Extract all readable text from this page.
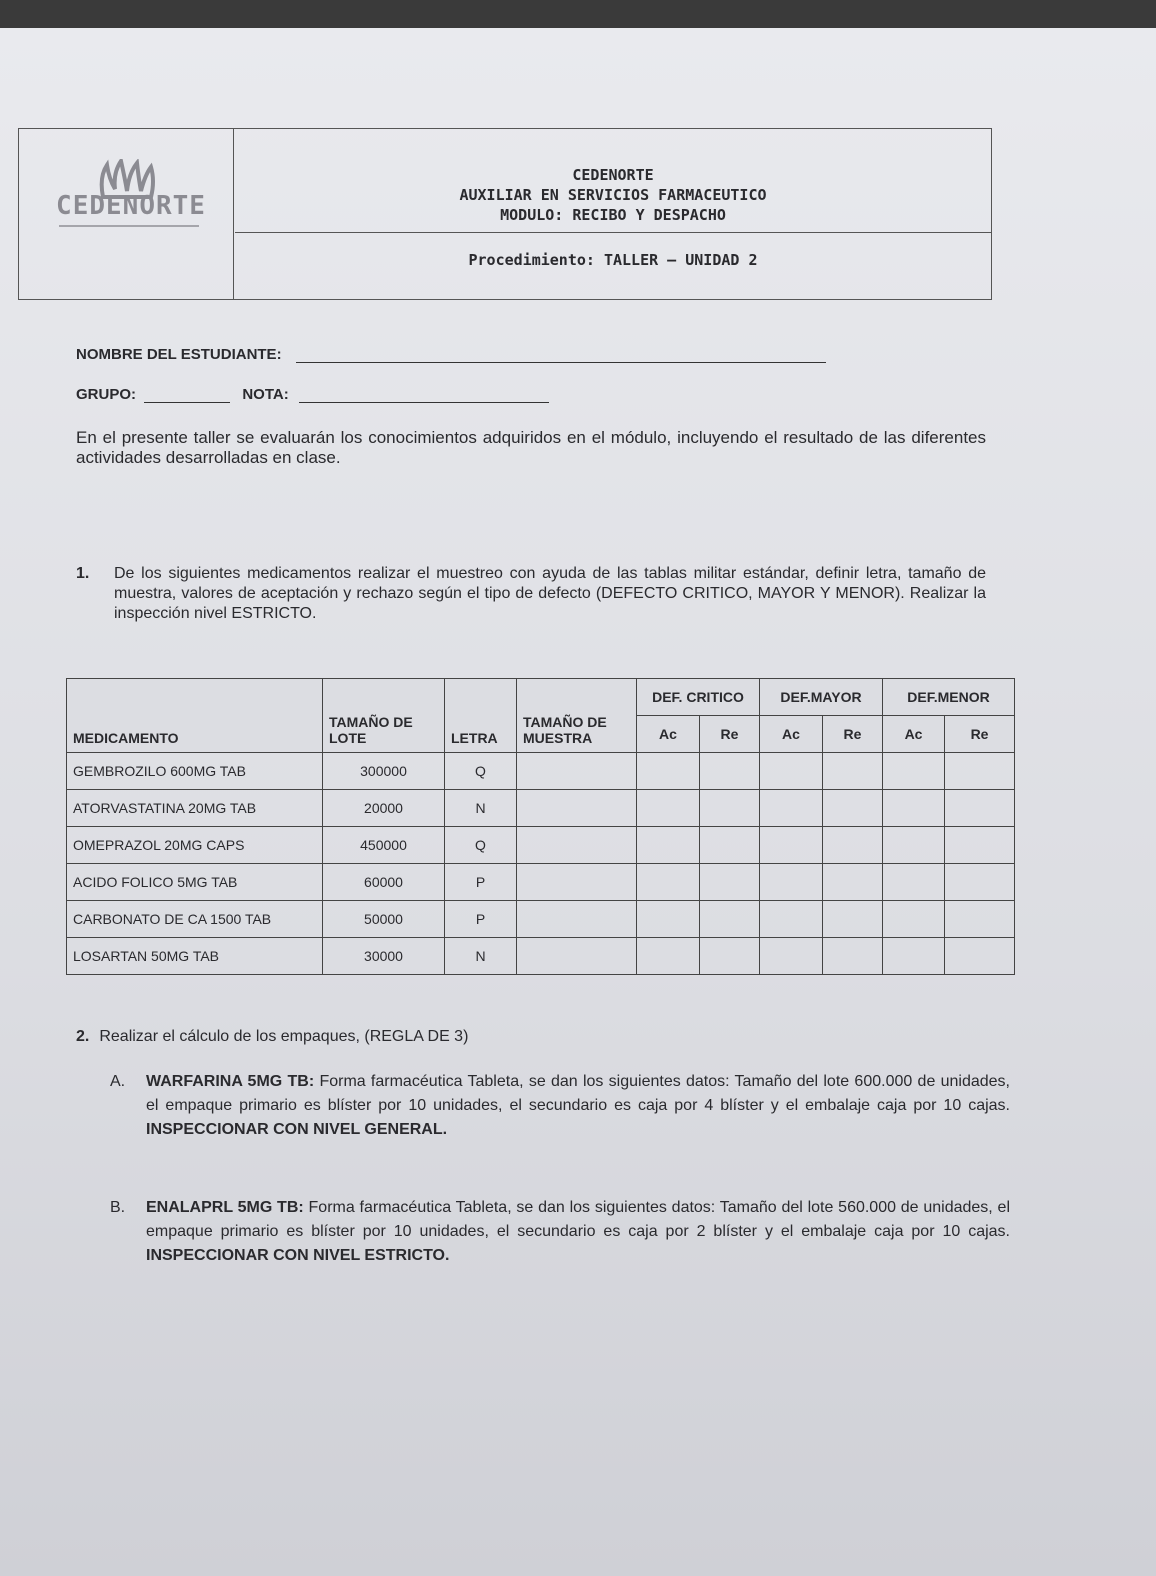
CEDENORTE
CEDENORTE
AUXILIAR EN SERVICIOS FARMACEUTICO
MODULO: RECIBO Y DESPACHO
Procedimiento: TALLER – UNIDAD 2
NOMBRE DEL ESTUDIANTE:
GRUPO:	NOTA:
En el presente taller se evaluarán los conocimientos adquiridos en el módulo, incluyendo el resultado de las diferentes actividades desarrolladas en clase.
1. De los siguientes medicamentos realizar el muestreo con ayuda de las tablas militar estándar, definir letra, tamaño de muestra, valores de aceptación y rechazo según el tipo de defecto (DEFECTO CRITICO, MAYOR Y MENOR). Realizar la inspección nivel ESTRICTO.
MEDICAMENTO	TAMAÑO DE LOTE	LETRA	TAMAÑO DE MUESTRA	DEF. CRITICO		DEF.MAYOR		DEF.MENOR	
				Ac	Re	Ac	Re	Ac	Re
GEMBROZILO 600MG TAB	300000	Q							
ATORVASTATINA 20MG TAB	20000	N							
OMEPRAZOL 20MG CAPS	450000	Q							
ACIDO FOLICO 5MG TAB	60000	P							
CARBONATO DE CA 1500 TAB	50000	P							
LOSARTAN 50MG TAB	30000	N							
2. Realizar el cálculo de los empaques, (REGLA DE 3)
A. WARFARINA 5MG TB: Forma farmacéutica Tableta, se dan los siguientes datos: Tamaño del lote 600.000 de unidades, el empaque primario es blíster por 10 unidades, el secundario es caja por 4 blíster y el embalaje caja por 10 cajas. INSPECCIONAR CON NIVEL GENERAL.
B. ENALAPRL 5MG TB: Forma farmacéutica Tableta, se dan los siguientes datos: Tamaño del lote 560.000 de unidades, el empaque primario es blíster por 10 unidades, el secundario es caja por 2 blíster y el embalaje caja por 10 cajas. INSPECCIONAR CON NIVEL ESTRICTO.
